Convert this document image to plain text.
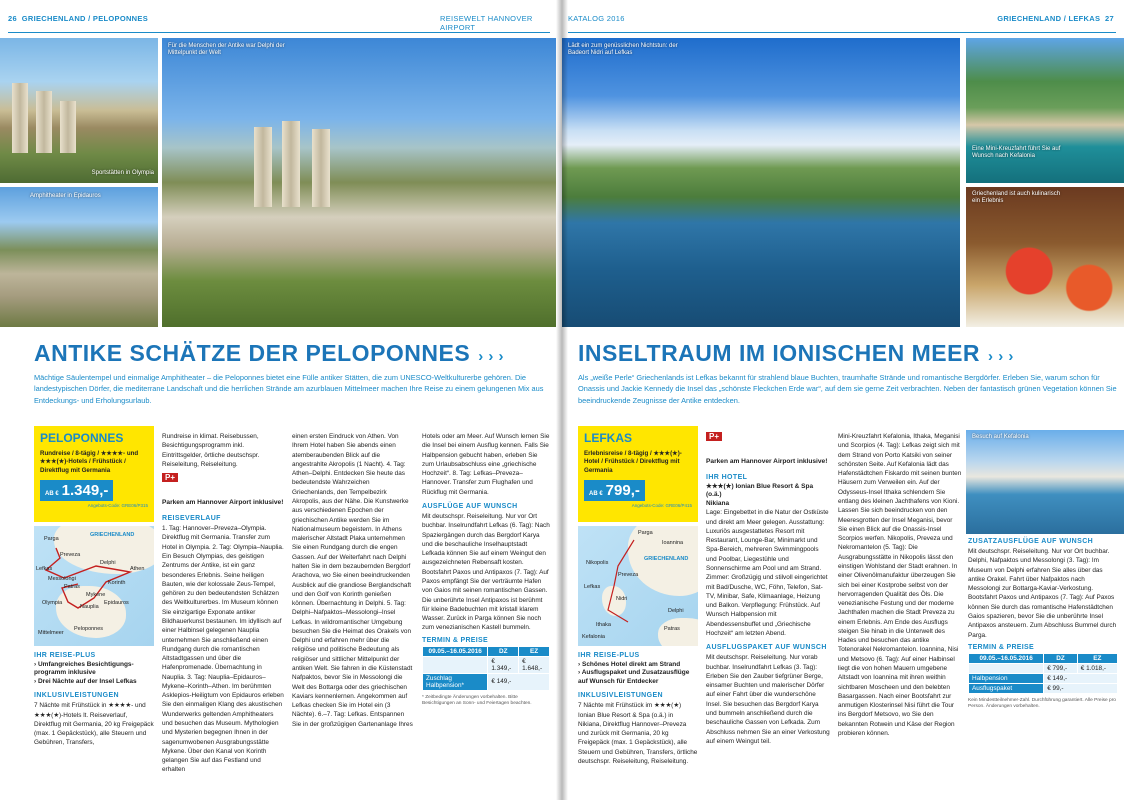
26 GRIECHENLAND / PELOPONNES	REISEWELT HANNOVER AIRPORT
Sportstätten in Olympia
Amphitheater in Epidauros
Für die Menschen der Antike war Delphi der Mittelpunkt der Welt
ANTIKE SCHÄTZE DER PELOPONNES › › ›
Mächtige Säulentempel und einmalige Amphitheater – die Peloponnes bietet eine Fülle antiker Stätten, die zum UNESCO-Weltkulturerbe gehören. Die landestypischen Dörfer, die mediterrane Landschaft und die herrlichen Strände am azurblauen Mittelmeer machen Ihre Reise zu einem gelungenen Mix aus Entdeckungs- und Erholungsurlaub.
PELOPONNES
Rundreise / 8-tägig / ★★★★- und ★★★(★)-Hotels / Frühstück / Direktflug mit Germania
AB € 1.349,-
Angebots-Code: GRE06/P315
GRIECHENLAND
Parga
Preveza
Lefkas
Messolongi
Delphi
Athen
Patras
Korinth
Olympia
Mykene
Nauplia
Epidauros
Peloponnes
Mittelmeer
IHR REISE-PLUS
› Umfangreiches Besichtigungs-programm inklusive
› Drei Nächte auf der Insel Lefkas
INKLUSIVLEISTUNGEN
7 Nächte mit Frühstück in ★★★★- und ★★★(★)-Hotels lt. Reiseverlauf, Direktflug mit Germania, 20 kg Freigepäck (max. 1 Gepäckstück), alle Steuern und Gebühren, Transfers,
Rundreise in klimat. Reisebussen, Besichtigungsprogramm inkl. Eintrittsgelder, örtliche deutschspr. Reiseleitung, Reiseleitung.
P+Parken am Hannover Airport inklusive!
REISEVERLAUF
1. Tag: Hannover–Preveza–Olympia. Direktflug mit Germania. Transfer zum Hotel in Olympia. 2. Tag: Olympia–Nauplia. Ein Besuch Olympias, des geistigen Zentrums der Antike, ist ein ganz besonderes Erlebnis. Seine heiligen Bauten, wie der kolossale Zeus-Tempel, gehören zu den bedeutendsten Schätzen des Weltkulturerbes. Im Museum können Sie einzigartige Exponate antiker Bildhauerkunst bestaunen. Im idyllisch auf einer Halbinsel gelegenen Nauplia unternehmen Sie anschließend einen Rundgang durch die romantischen Altstadtgassen und über die Hafenpromenade. Übernachtung in Nauplia. 3. Tag: Nauplia–Epidauros–Mykene–Korinth–Athen. Im berühmten Asklepios-Heiligtum von Epidauros erleben Sie den einmaligen Klang des akustischen Wunderwerks geltenden Amphitheaters und besuchen das Museum. Mythologien und Mysterien begegnen Ihnen in der sagenumwobenen Ausgrabungsstätte Mykene. Über den Kanal von Korinth gelangen Sie auf das Festland und erhalten
einen ersten Eindruck von Athen. Von Ihrem Hotel haben Sie abends einen atemberaubenden Blick auf die angestrahlte Akropolis (1 Nacht). 4. Tag: Athen–Delphi. Entdecken Sie heute das bedeutendste Wahrzeichen Griechenlands, den Tempelbezirk Akropolis, aus der Nähe. Die Kunstwerke aus verschiedenen Epochen der griechischen Antike werden Sie im Nationalmuseum begeistern. In Athens malerischer Altstadt Plaka unternehmen Sie einen Rundgang durch die engen Gassen. Auf der Weiterfahrt nach Delphi halten Sie in dem bezaubernden Bergdorf Arachova, wo Sie einen beeindruckenden Ausblick auf die grandiose Berglandschaft und den Golf von Korinth genießen können. Übernachtung in Delphi. 5. Tag: Delphi–Nafpaktos–Messolongi–Insel Lefkas. In wildromantischer Umgebung besuchen Sie die Heimat des Orakels von Delphi und erfahren mehr über die religiöse und politische Bedeutung als religiöser und sittlicher Mittelpunkt der antiken Welt. Sie fahren in die Küstenstadt Nafpaktos, bevor Sie in Messolongi die Welt des Bottarga oder des griechischen Kaviars kennenlernen. Angekommen auf Lefkas checken Sie im Hotel ein (3 Nächte). 6.–7. Tag: Lefkas. Entspannen Sie in der großzügigen Gartenanlage Ihres
Hotels oder am Meer. Auf Wunsch lernen Sie die Insel bei einem Ausflug kennen. Falls Sie Halbpension gebucht haben, erleben Sie zum Urlaubsabschluss eine „griechische Hochzeit“. 8. Tag: Lefkas–Preveza–Hannover. Transfer zum Flughafen und Rückflug mit Germania.
AUSFLÜGE AUF WUNSCH
Mit deutschspr. Reiseleitung. Nur vor Ort buchbar. Inselrundfahrt Lefkas (6. Tag): Nach Spaziergängen durch das Bergdorf Karya und die beschauliche Inselhauptstadt Lefkada können Sie auf einem Weingut den ausgezeichneten Rebensaft kosten. Bootsfahrt Paxos und Antipaxos (7. Tag): Auf Paxos empfängt Sie der verträumte Hafen von Gaios mit seinen romantischen Gassen. Die unberührte Insel Antipaxos ist berühmt für kleine Badebuchten mit kristall klarem Wasser. Zurück in Parga können Sie noch zum venezianischen Kastell bummeln.
TERMIN & PREISE
09.05.–16.05.2016	DZ	EZ
	€ 1.349,-	€ 1.648,-
Zuschlag Halbpension*	€ 149,-	
* Zeitbedingte Änderungen vorbehalten. Bitte Besichtigungen an Sonn- und Feiertagen beachten.
KATALOG 2016	GRIECHENLAND / LEFKAS 27
Lädt ein zum genüsslichen Nichtstun: der Badeort Nidri auf Lefkas
Eine Mini-Kreuzfahrt führt Sie auf Wunsch nach Kefalonia
Griechenland ist auch kulinarisch ein Erlebnis
INSELTRAUM IM IONISCHEN MEER › › ›
Als „weiße Perle“ Griechenlands ist Lefkas bekannt für strahlend blaue Buchten, traumhafte Strände und romantische Bergdörfer. Erleben Sie, warum schon für Onassis und Jackie Kennedy die Insel das „schönste Fleckchen Erde war“, auf dem sie gerne Zeit verbrachten. Neben der fantastisch grünen Vegetation können Sie beeindruckende Zeugnisse der Antike entdecken.
LEFKAS
Erlebnisreise / 8-tägig / ★★★(★)-Hotel / Frühstück / Direktflug mit Germania
AB € 799,-
Angebots-Code: GRE06/P415
Parga
Ioannina
GRIECHENLAND
Nikopolis
Preveza
Lefkas
Nidri
Ithaka
Kefalonia
Delphi
Patras
IHR REISE-PLUS
› Schönes Hotel direkt am Strand
› Ausflugspaket und Zusatzausflüge auf Wunsch für Entdecker
INKLUSIVLEISTUNGEN
7 Nächte mit Frühstück im ★★★(★) Ionian Blue Resort & Spa (o.ä.) in Nikiana, Direktflug Hannover–Preveza und zurück mit Germania, 20 kg Freigepäck (max. 1 Gepäckstück), alle Steuern und Gebühren, Transfers, örtliche deutschspr. Reiseleitung, Reiseleitung.
P+Parken am Hannover Airport inklusive!
IHR HOTEL
★★★(★) Ionian Blue Resort & Spa (o.ä.)
Nikiana
Lage: Eingebettet in die Natur der Ostküste und direkt am Meer gelegen. Ausstattung: Luxuriös ausgestattetes Resort mit Restaurant, Lounge-Bar, Minimarkt und Spa-Bereich, mehreren Swimmingpools und Poolbar, Liegestühle und Sonnenschirme am Pool und am Strand. Zimmer: Großzügig und stilvoll eingerichtet mit Bad/Dusche, WC, Föhn, Telefon, Sat-TV, Minibar, Safe, Klimaanlage, Heizung und Balkon. Verpflegung: Frühstück. Auf Wunsch Halbpension mit Abendessensbuffet und „Griechische Hochzeit“ am letzten Abend.
AUSFLUGSPAKET AUF WUNSCH
Mit deutschspr. Reiseleitung. Nur vorab buchbar. Inselrundfahrt Lefkas (3. Tag): Erleben Sie den Zauber tiefgrüner Berge, einsamer Buchten und malerischer Dörfer auf einer Fahrt über die wunderschöne Insel. Sie besuchen das Bergdorf Karya und bummeln anschließend durch die beschauliche Gassen von Lefkada. Zum Abschluss nehmen Sie an einer Verkostung auf einem Weingut teil.
Mini-Kreuzfahrt Kefalonia, Ithaka, Meganisi und Scorpios (4. Tag): Lefkas zeigt sich mit dem Strand von Porto Katsiki von seiner schönsten Seite. Auf Kefalonia lädt das Hafenstädtchen Fiskardo mit seinen bunten Häusern zum Verweilen ein. Auf der Odysseus-Insel Ithaka schlendern Sie entlang des kleinen Jachthafens von Kioni. Lassen Sie sich beeindrucken von den Meeresgrotten der Insel Meganisi, bevor Sie einen Blick auf die Onassis-Insel Scorpios werfen. Nikopolis, Preveza und Nekromantelon (5. Tag): Die Ausgrabungsstätte in Nikopolis lässt den einstigen Wohlstand der Stadt erahnen. In einer Olivenölmanufaktur überzeugen Sie sich bei einer Kostprobe selbst von der hervorragenden Qualität des Öls. Die venezianische Festung und der moderne Jachthafen machen die Stadt Preveza zu einem Erlebnis. Am Ende des Ausflugs steigen Sie hinab in die Unterwelt des Hades und besuchen das antike Totenorakel Nekromanteion. Ioannina, Nisi und Metsovo (6. Tag): Auf einer Halbinsel liegt die von hohen Mauern umgebene Altstadt von Ioannina mit ihren weithin sichtbaren Moscheen und den belebten Basargassen. Nach einer Bootsfahrt zur anmutigen Klosterinsel Nisi führt die Tour ins Bergdorf Metsovo, wo Sie den bekannten Rotwein und Käse der Region probieren können.
Besuch auf Kefalonia
ZUSATZAUSFLÜGE AUF WUNSCH
Mit deutschspr. Reiseleitung. Nur vor Ort buchbar. Delphi, Nafpaktos und Messolongi (3. Tag): Im Museum von Delphi erfahren Sie alles über das antike Orakel. Fahrt über Nafpaktos nach Messolongi zur Bottarga-Kaviar-Verkostung. Bootsfahrt Paxos und Antipaxos (7. Tag): Auf Paxos können Sie durch das romantische Hafenstädtchen Gaios spazieren, bevor Sie die unberührte Insel Antipaxos ansteuern. Zum Abschluss Bummel durch Parga.
TERMIN & PREISE
09.05.–16.05.2016	DZ	EZ
	€ 799,-	€ 1.018,-
Halbpension	€ 149,-	
Ausflugspaket	€ 99,-	
Kein Mindestteilnehmer-Zahl. Durchführung garantiert. Alle Preise pro Person. Änderungen vorbehalten.
